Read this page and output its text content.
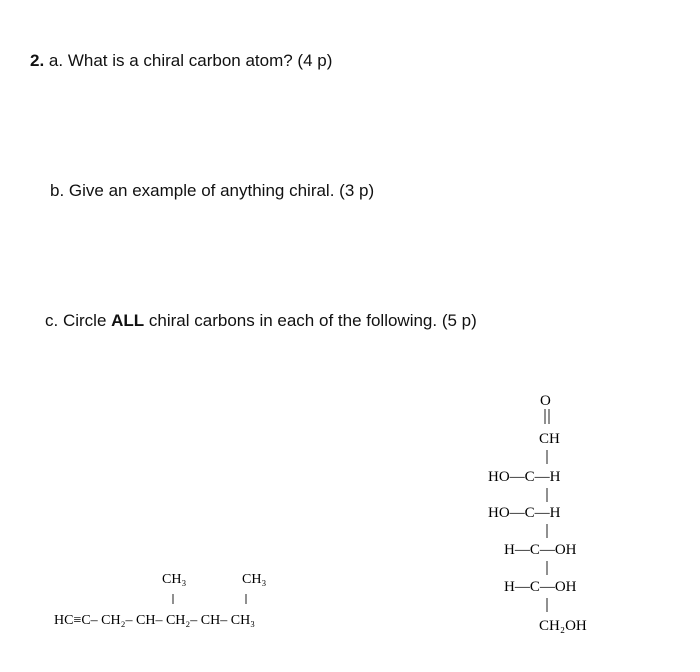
2. a. What is a chiral carbon atom? (4 p)
b. Give an example of anything chiral. (3 p)
c. Circle ALL chiral carbons in each of the following. (5 p)
CH₃	CH₃
HC≡C– CH₂– CH– CH₂– CH– CH₃
O
CH
HO—C—H
HO—C—H
H—C—OH
H—C—OH
CH₂OH
